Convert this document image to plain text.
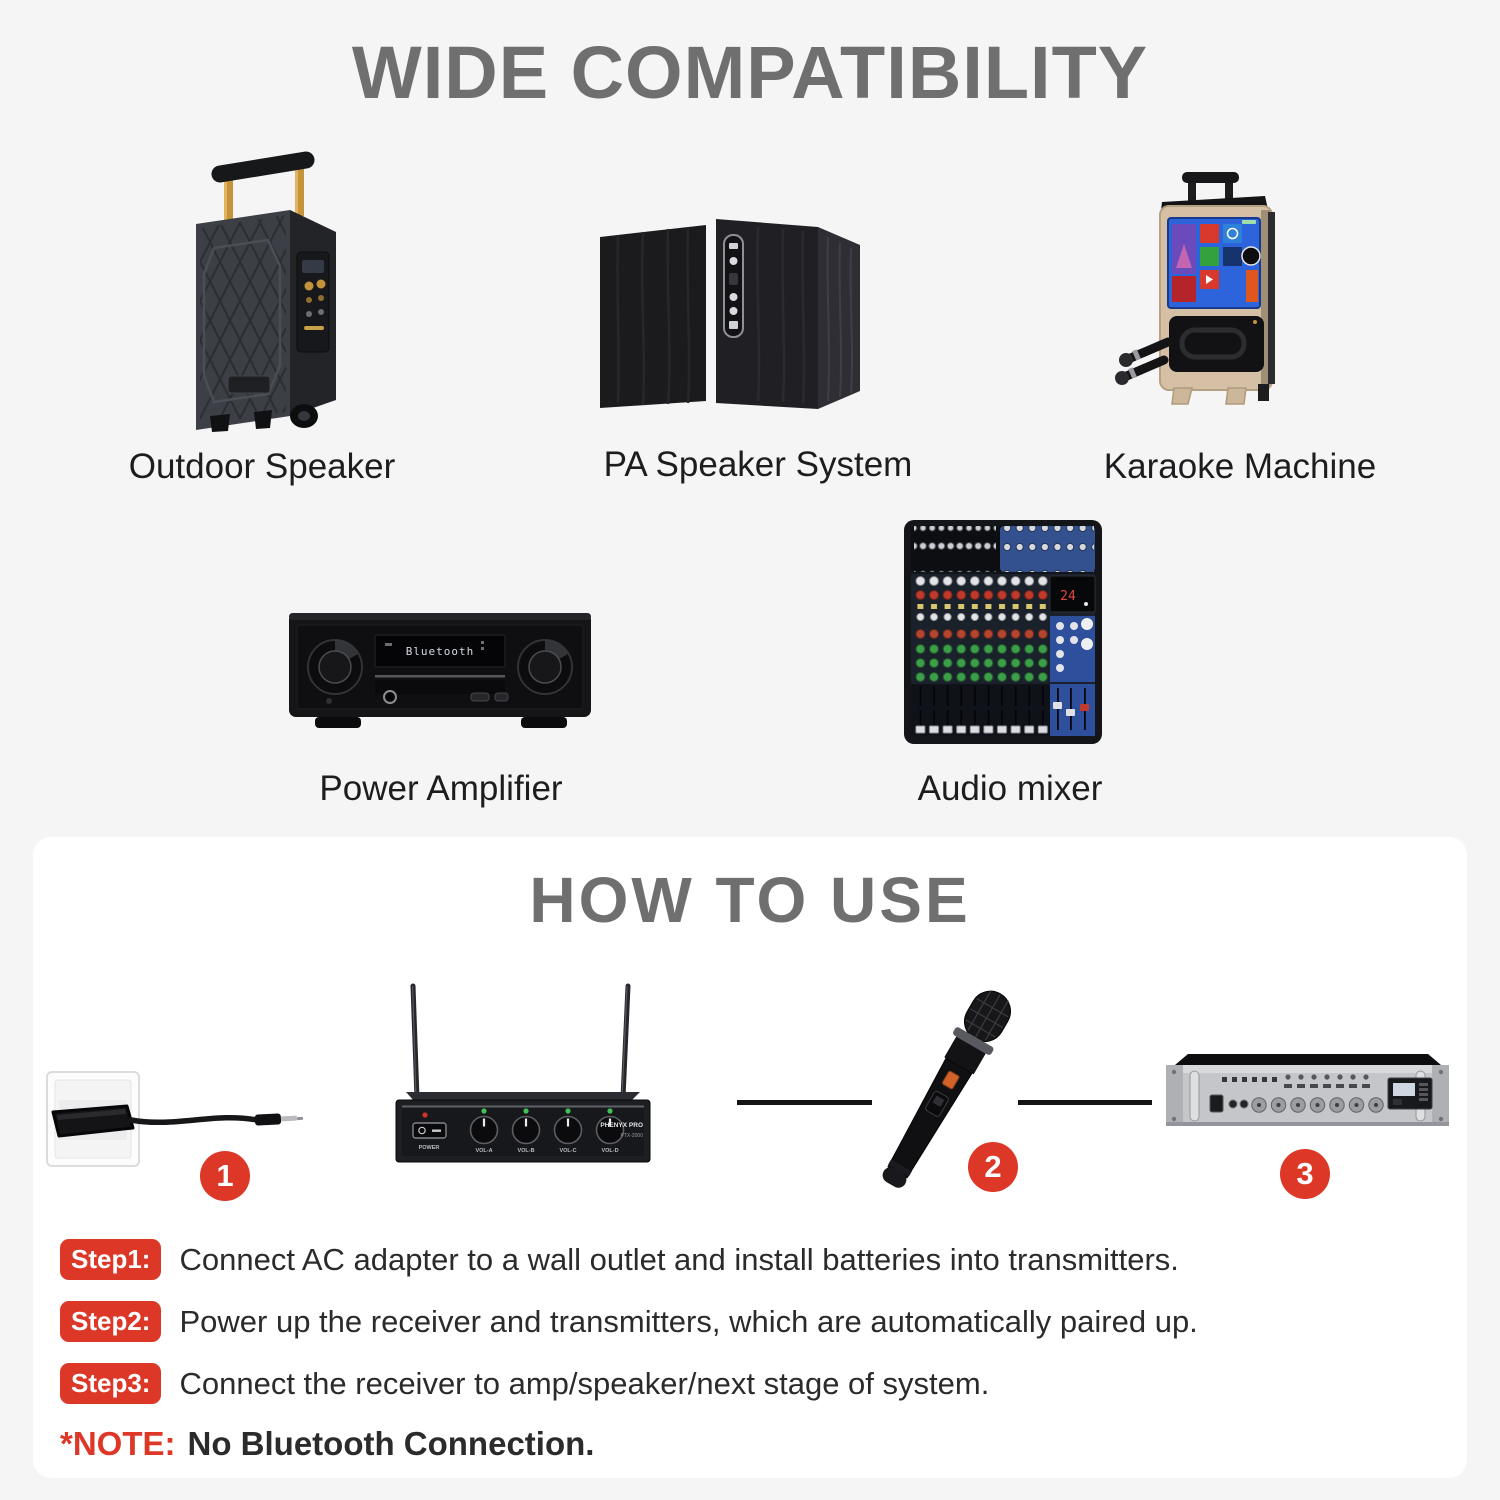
WIDE COMPATIBILITY
Outdoor Speaker	PA Speaker System	Karaoke Machine
Bluetooth
Power Amplifier
24
Audio mixer
HOW TO USE
POWER	VOL-A	VOL-B	VOL-C	VOL-D
PHENYX PRO
PTX-2000
1	2	3
Step1: Connect AC adapter to a wall outlet and install batteries into transmitters.
Step2: Power up the receiver and transmitters, which are automatically paired up.
Step3: Connect the receiver to amp/speaker/next stage of system.
*NOTE: No Bluetooth Connection.
